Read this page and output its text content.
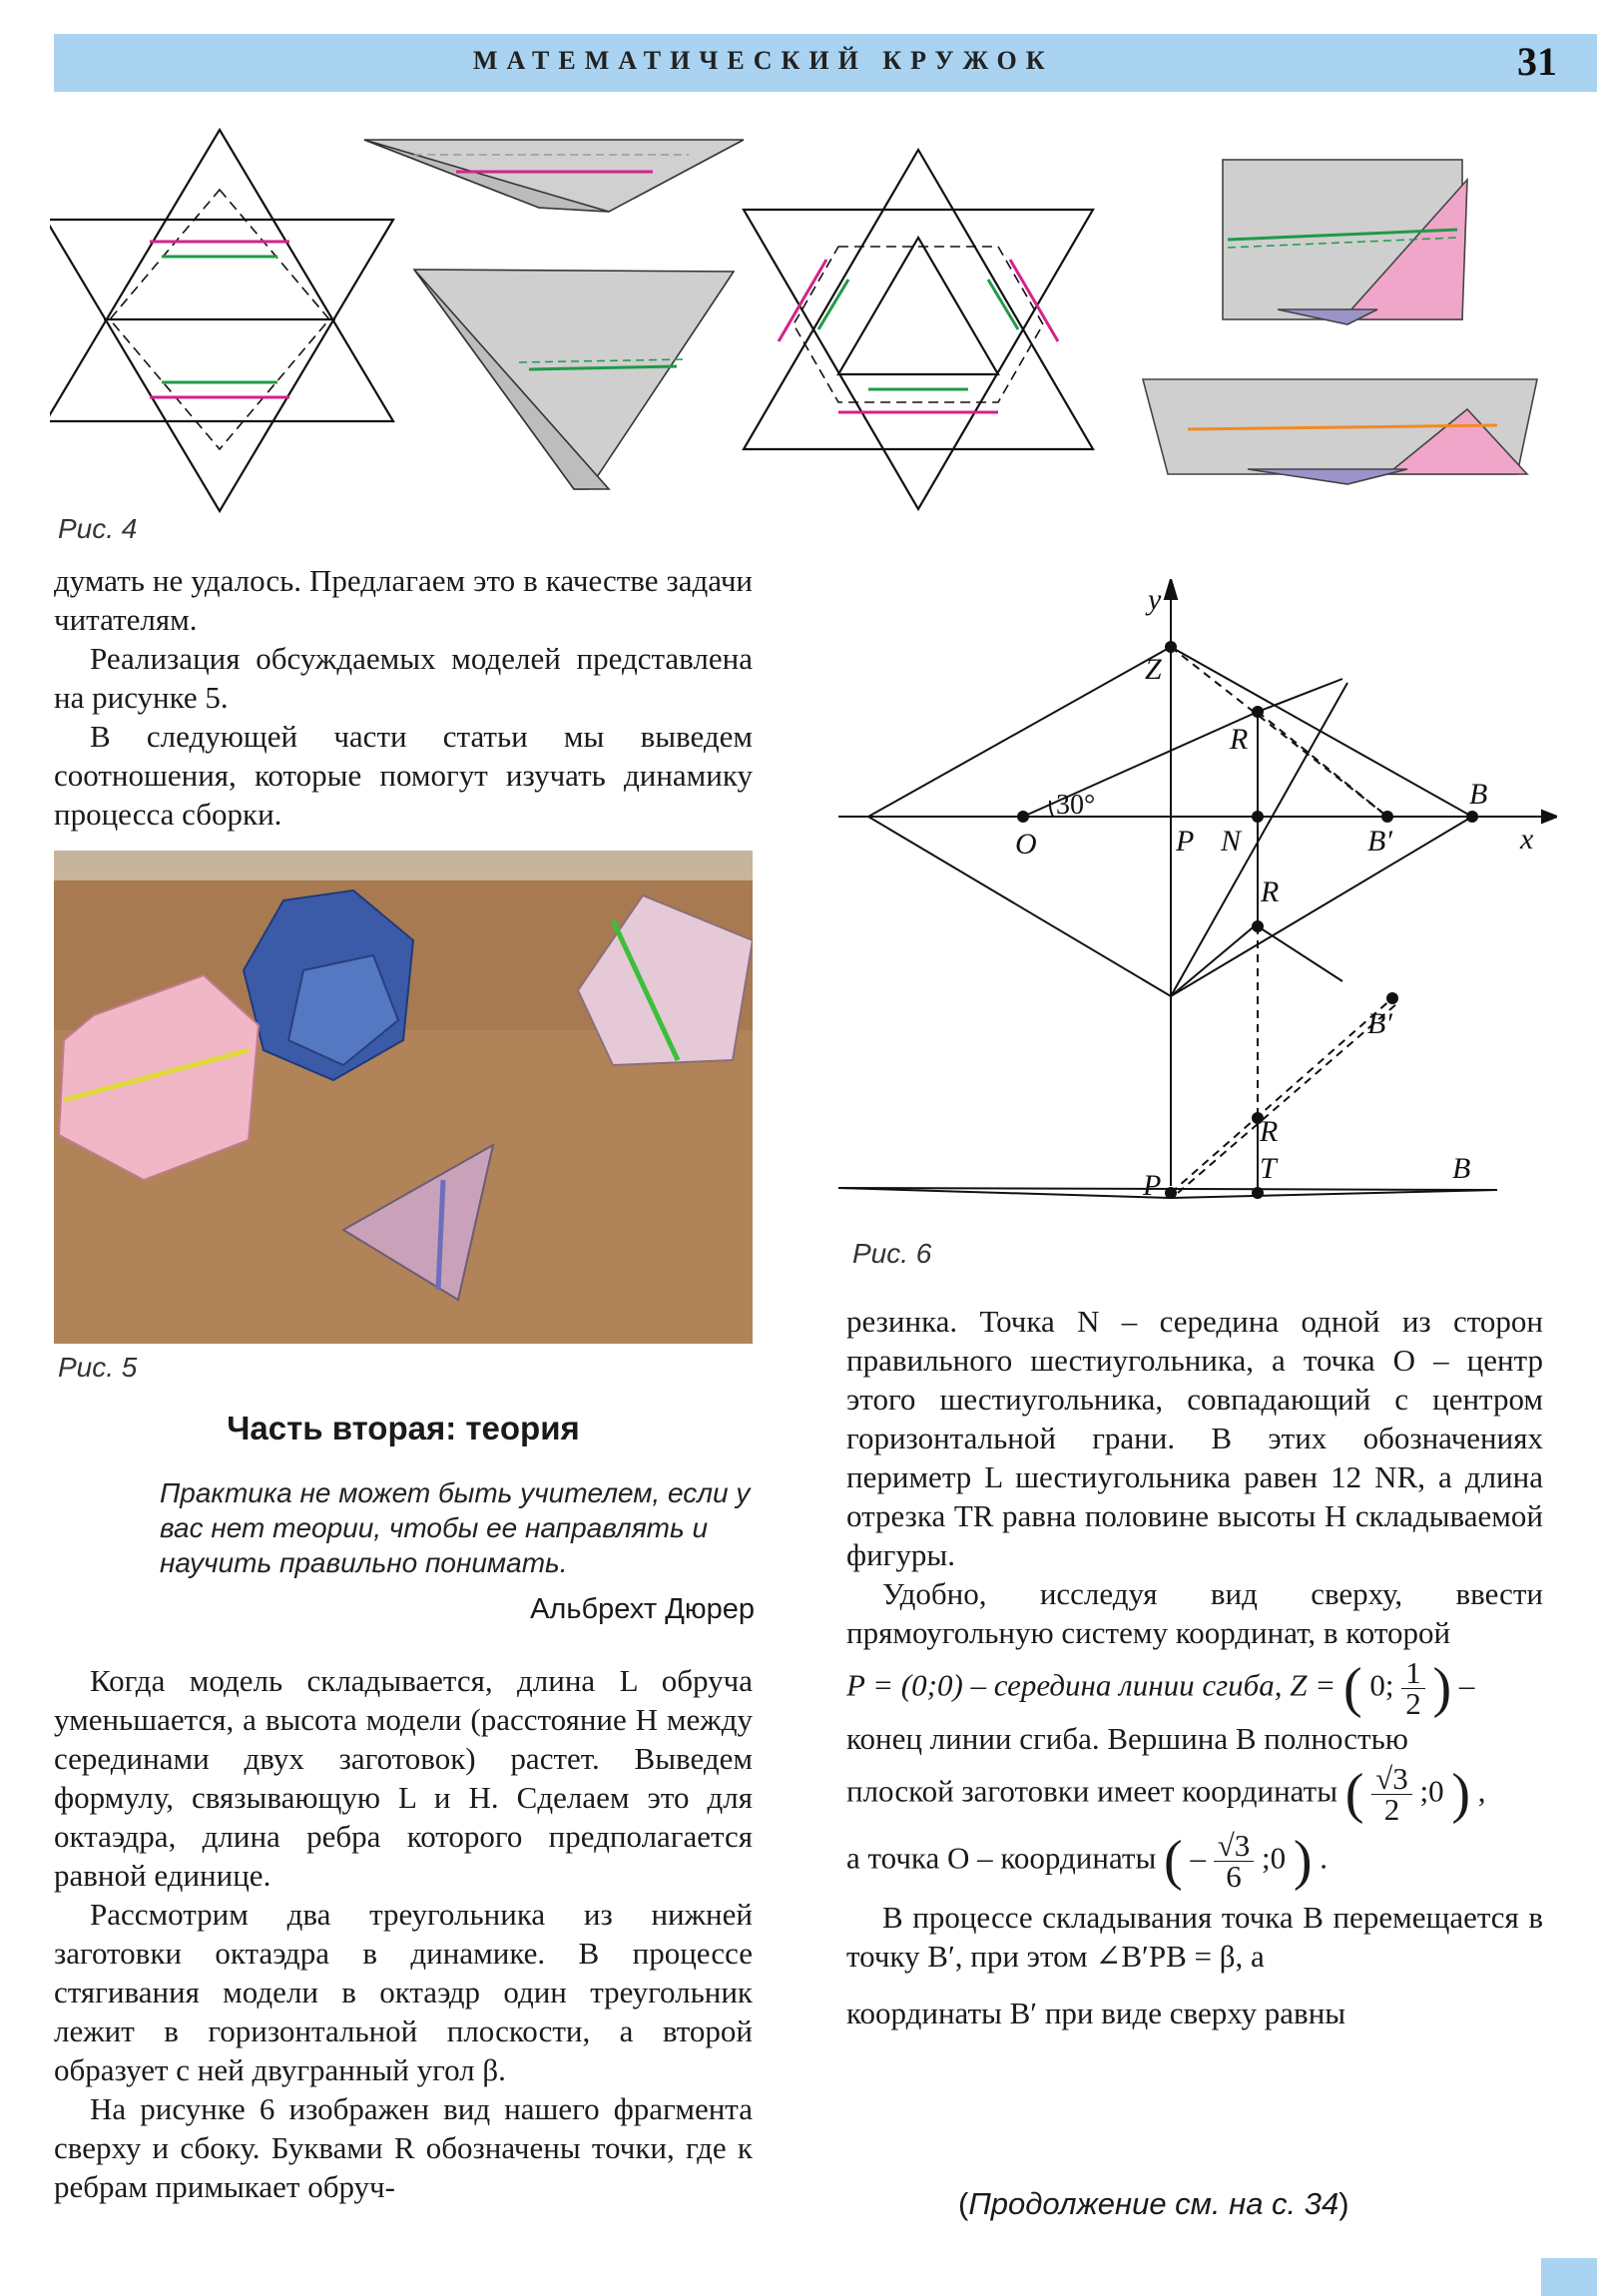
МАТЕМАТИЧЕСКИЙ КРУЖОК	31
Рис. 4

думать не удалось. Предлагаем это в качестве задачи читателям.

Реализация обсуждаемых моделей представлена на рисунке 5.

В следующей части статьи мы выведем соотношения, которые помогут изучать динамику процесса сборки.

Рис. 5
Часть вторая: теория
Практика не может быть учителем, если у вас нет теории, чтобы ее направлять и научить правильно понимать.
Альбрехт Дюрер

Когда модель складывается, длина L обруча уменьшается, а высота модели (расстояние H между серединами двух заготовок) растет. Выведем формулу, связывающую L и H. Сделаем это для октаэдра, длина ребра которого предполагается равной единице.

Рассмотрим два треугольника из нижней заготовки октаэдра в динамике. В процессе стягивания модели в октаэдр один треугольник лежит в горизонтальной плоскости, а второй образует с ней двугранный угол β.

На рисунке 6 изображен вид нашего фрагмента сверху и сбоку. Буквами R обозначены точки, где к ребрам примыкает обруч-

y
x
Z
R
O	P N	B′
B
R
B′
R
P
T	B
30°
Рис. 6

резинка. Точка N – середина одной из сторон правильного шестиугольника, а точка O – центр этого шестиугольника, совпадающий с центром горизонтальной грани. В этих обозначениях периметр L шестиугольника равен 12 NR, а длина отрезка TR равна половине высоты H складываемой фигуры.

Удобно, исследуя вид сверху, ввести прямоугольную систему координат, в которой

P = (0;0) – середина линии сгиба, Z = ( 0; $\frac{1}{2}$ ) –

конец линии сгиба. Вершина B полностью

плоской заготовки имеет координаты ( $\frac{√3}{2}$ ;0 ) ,

а точка O – координаты ( – $\frac{√3}{6}$ ;0 ) .

В процессе складывания точка B перемещается в точку B′, при этом ∠B′PB = β, а

координаты B′ при виде сверху равны

(Продолжение см. на с. 34)
